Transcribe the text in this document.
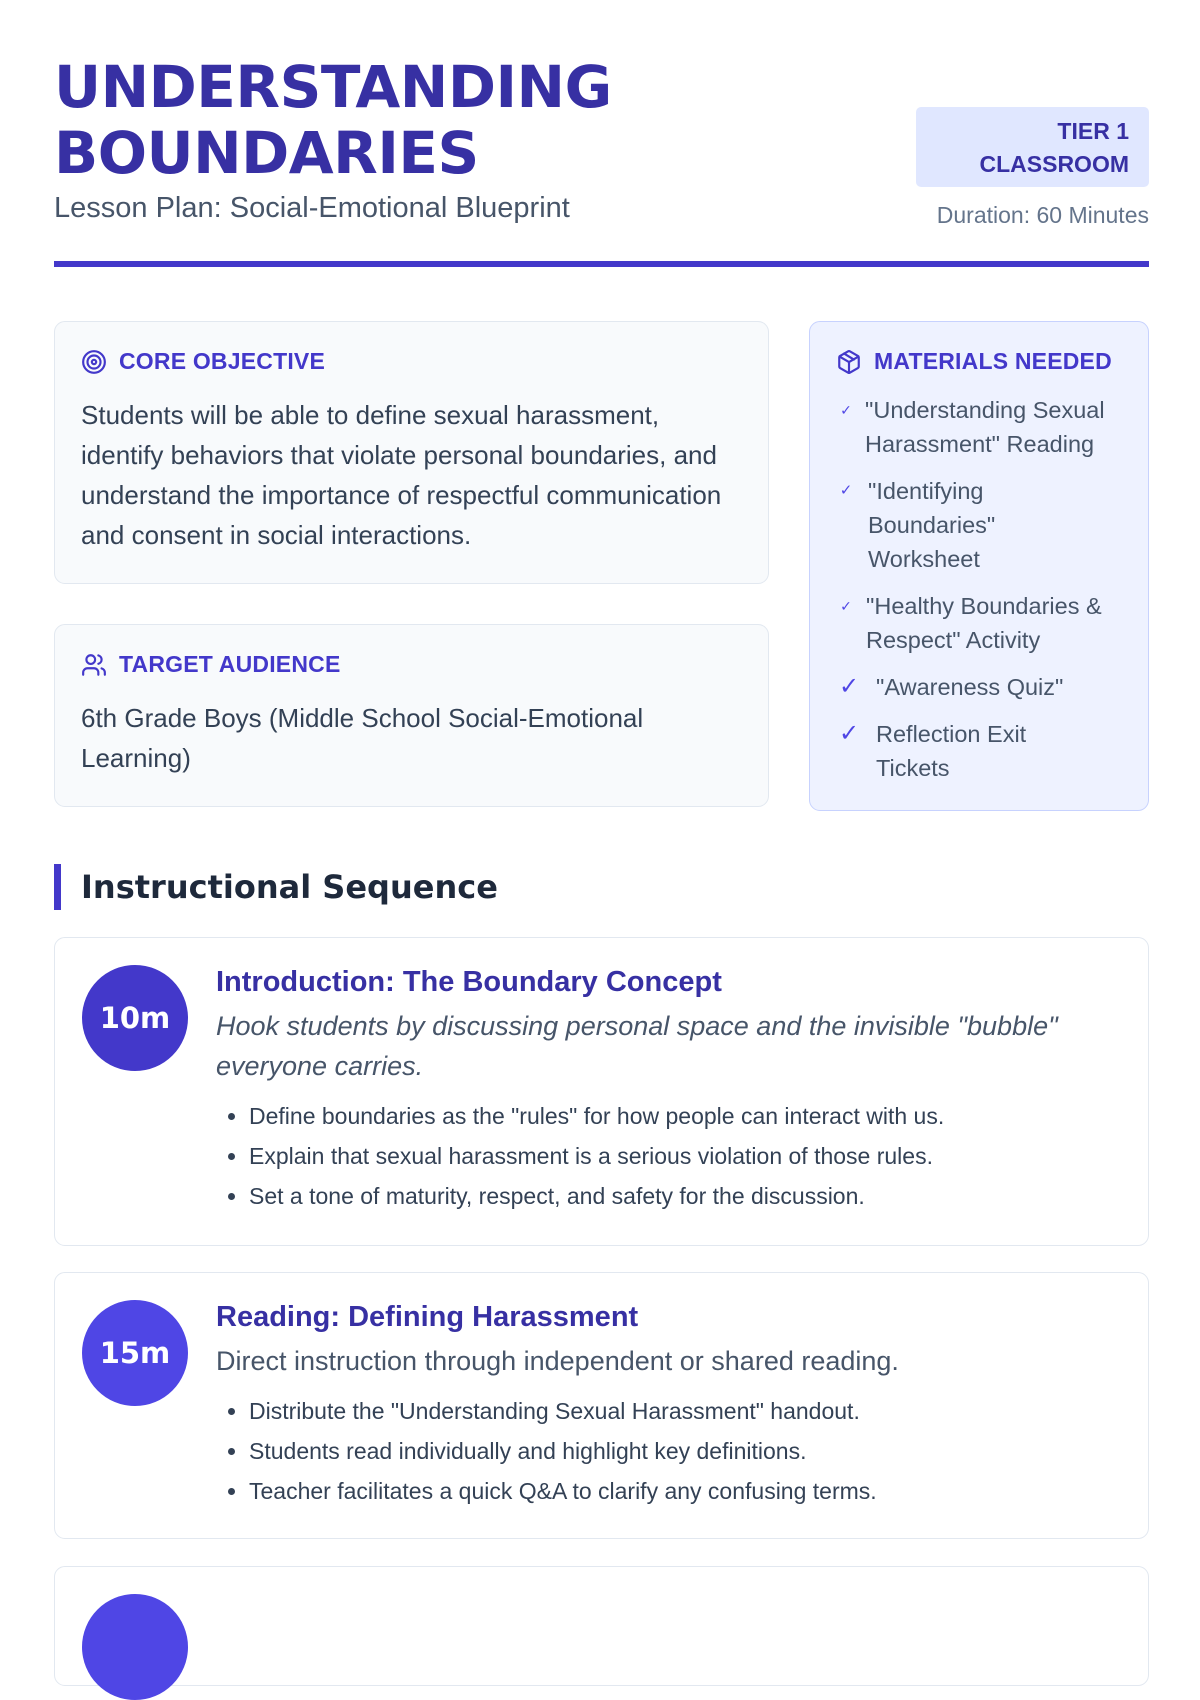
UNDERSTANDING
BOUNDARIES
Lesson Plan: Social-Emotional Blueprint
TIER 1
CLASSROOM
Duration: 60 Minutes
CORE OBJECTIVE
Students will be able to define sexual harassment, identify behaviors that violate personal boundaries, and understand the importance of respectful communication and consent in social interactions.
TARGET AUDIENCE
6th Grade Boys (Middle School Social-Emotional Learning)
MATERIALS NEEDED
✓ "Understanding Sexual Harassment" Reading
✓ "Identifying Boundaries" Worksheet
✓ "Healthy Boundaries & Respect" Activity
✓ "Awareness Quiz"
✓ Reflection Exit Tickets
Instructional Sequence
10m
Introduction: The Boundary Concept
Hook students by discussing personal space and the invisible "bubble" everyone carries.
• Define boundaries as the "rules" for how people can interact with us.
• Explain that sexual harassment is a serious violation of those rules.
• Set a tone of maturity, respect, and safety for the discussion.
15m
Reading: Defining Harassment
Direct instruction through independent or shared reading.
• Distribute the "Understanding Sexual Harassment" handout.
• Students read individually and highlight key definitions.
• Teacher facilitates a quick Q&A to clarify any confusing terms.
